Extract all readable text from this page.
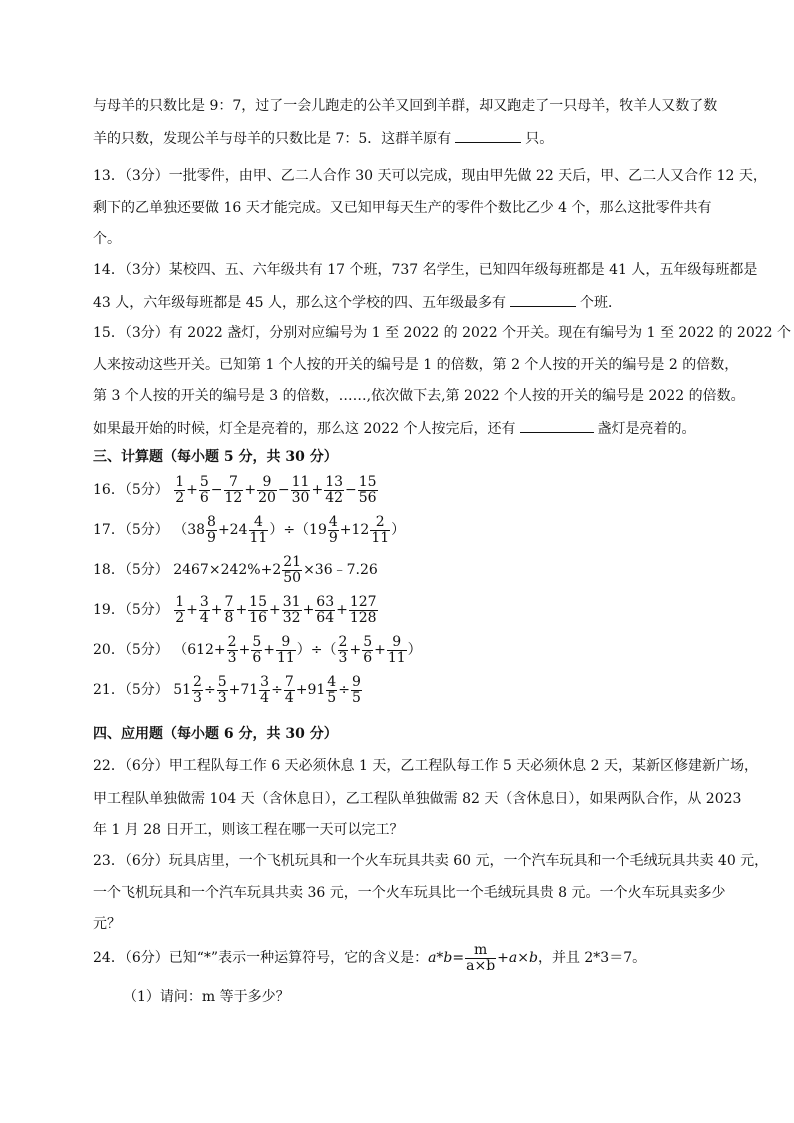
与母羊的只数比是 9：7，过了一会儿跑走的公羊又回到羊群，却又跑走了一只母羊，牧羊人又数了数
羊的只数，发现公羊与母羊的只数比是 7：5．这群羊原有	只。
13．（3分）一批零件，由甲、乙二人合作 30 天可以完成，现由甲先做 22 天后，甲、乙二人又合作 12 天，
剩下的乙单独还要做 16 天才能完成。又已知甲每天生产的零件个数比乙少 4 个，那么这批零件共有
个。
14．（3分）某校四、五、六年级共有 17 个班，737 名学生，已知四年级每班都是 41 人，五年级每班都是
43 人，六年级每班都是 45 人，那么这个学校的四、五年级最多有	个班．
15．（3分）有 2022 盏灯，分别对应编号为 1 至 2022 的 2022 个开关。现在有编号为 1 至 2022 的 2022 个
人来按动这些开关。已知第 1 个人按的开关的编号是 1 的倍数，第 2 个人按的开关的编号是 2 的倍数，
第 3 个人按的开关的编号是 3 的倍数，……,依次做下去,第 2022 个人按的开关的编号是 2022 的倍数。
如果最开始的时候，灯全是亮着的，那么这 2022 个人按完后，还有	盏灯是亮着的。
三、计算题（每小题 5 分，共 30 分）
16．（5分） $\frac{1}{2} + \frac{5}{6} - \frac{7}{12} + \frac{9}{20} - \frac{11}{30} + \frac{13}{42} - \frac{15}{56}$
17．（5分） $(38 \frac{8}{9} +24 \frac{4}{11} )\div(19 \frac{4}{9} +12 \frac{2}{11}$ ）
18．（5分） $2467\times 242\%+2 \frac{21}{50}$ ×36﹣7.26
19．（5分） $\frac{1}{2} + \frac{3}{4} + \frac{7}{8} + \frac{15}{16} + \frac{31}{32} + \frac{63}{64} + \frac{127}{128}$
20．（5分） （$612+ \frac{2}{3} + \frac{5}{6} + \frac{9}{11}$ ）÷（ $\frac{2}{3} + \frac{5}{6} + \frac{9}{11}$ ）
21．（5分） $51 \frac{2}{3} \div \frac{5}{3} +71 \frac{3}{4} \div \frac{7}{4} +91 \frac{4}{5} \div \frac{9}{5}$
四、应用题（每小题 6 分，共 30 分）
22．（6分）甲工程队每工作 6 天必须休息 1 天，乙工程队每工作 5 天必须休息 2 天，某新区修建新广场，
甲工程队单独做需 104 天（含休息日），乙工程队单独做需 82 天（含休息日），如果两队合作，从 2023
年 1 月 28 日开工，则该工程在哪一天可以完工？
23．（6分）玩具店里，一个飞机玩具和一个火车玩具共卖 60 元，一个汽车玩具和一个毛绒玩具共卖 40 元，
一个飞机玩具和一个汽车玩具共卖 36 元，一个火车玩具比一个毛绒玩具贵 8 元。一个火车玩具卖多少
元？
24．（6分）已知“*”表示一种运算符号，它的含义是：$a*b= \frac{m}{a\times b} +a\times b$，并且 2*3＝7。
（1）请问：m 等于多少？
